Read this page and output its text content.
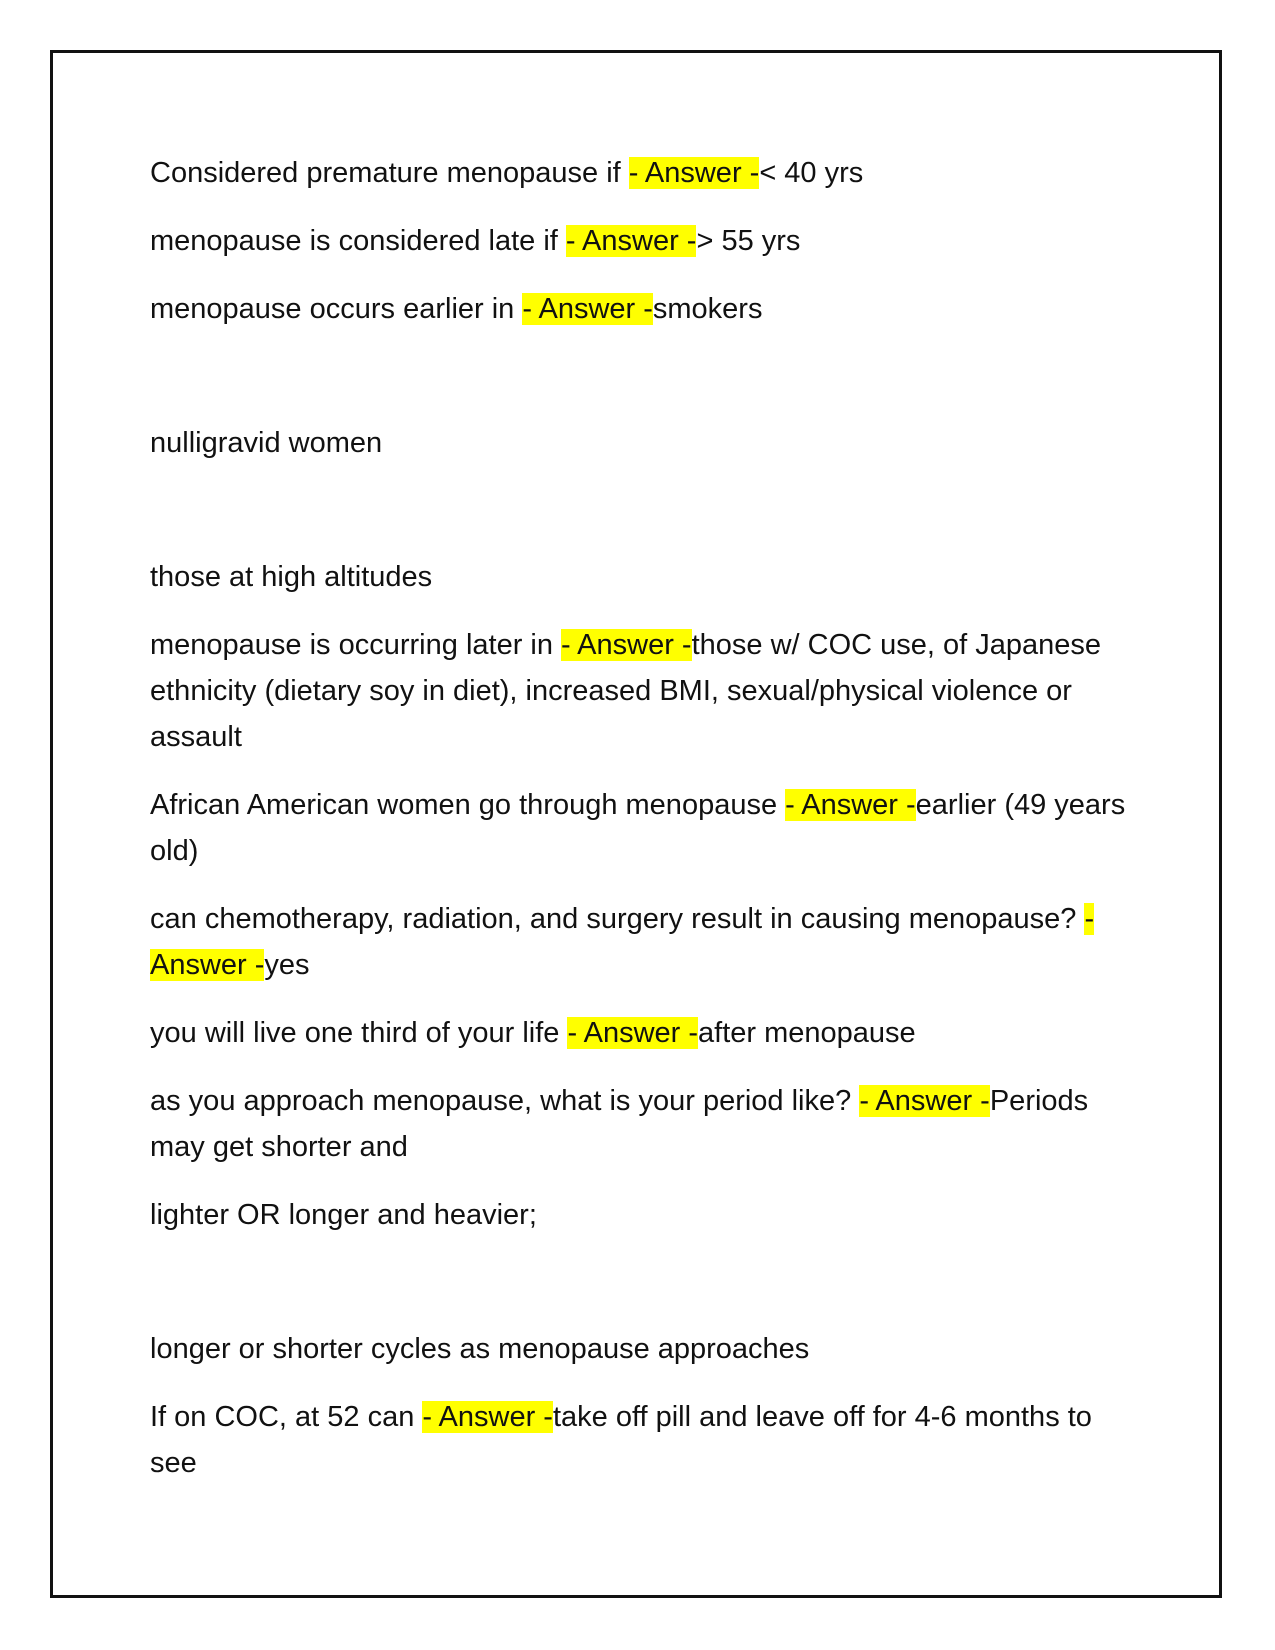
Considered premature menopause if - Answer -< 40 yrs

menopause is considered late if - Answer -> 55 yrs

menopause occurs earlier in - Answer -smokers

nulligravid women

those at high altitudes

menopause is occurring later in - Answer -those w/ COC use, of Japanese ethnicity (dietary soy in diet), increased BMI, sexual/physical violence or assault

African American women go through menopause - Answer -earlier (49 years old)

can chemotherapy, radiation, and surgery result in causing menopause? - Answer -yes

you will live one third of your life - Answer -after menopause

as you approach menopause, what is your period like? - Answer -Periods may get shorter and

lighter OR longer and heavier;

longer or shorter cycles as menopause approaches

If on COC, at 52 can - Answer -take off pill and leave off for 4-6 months to see
